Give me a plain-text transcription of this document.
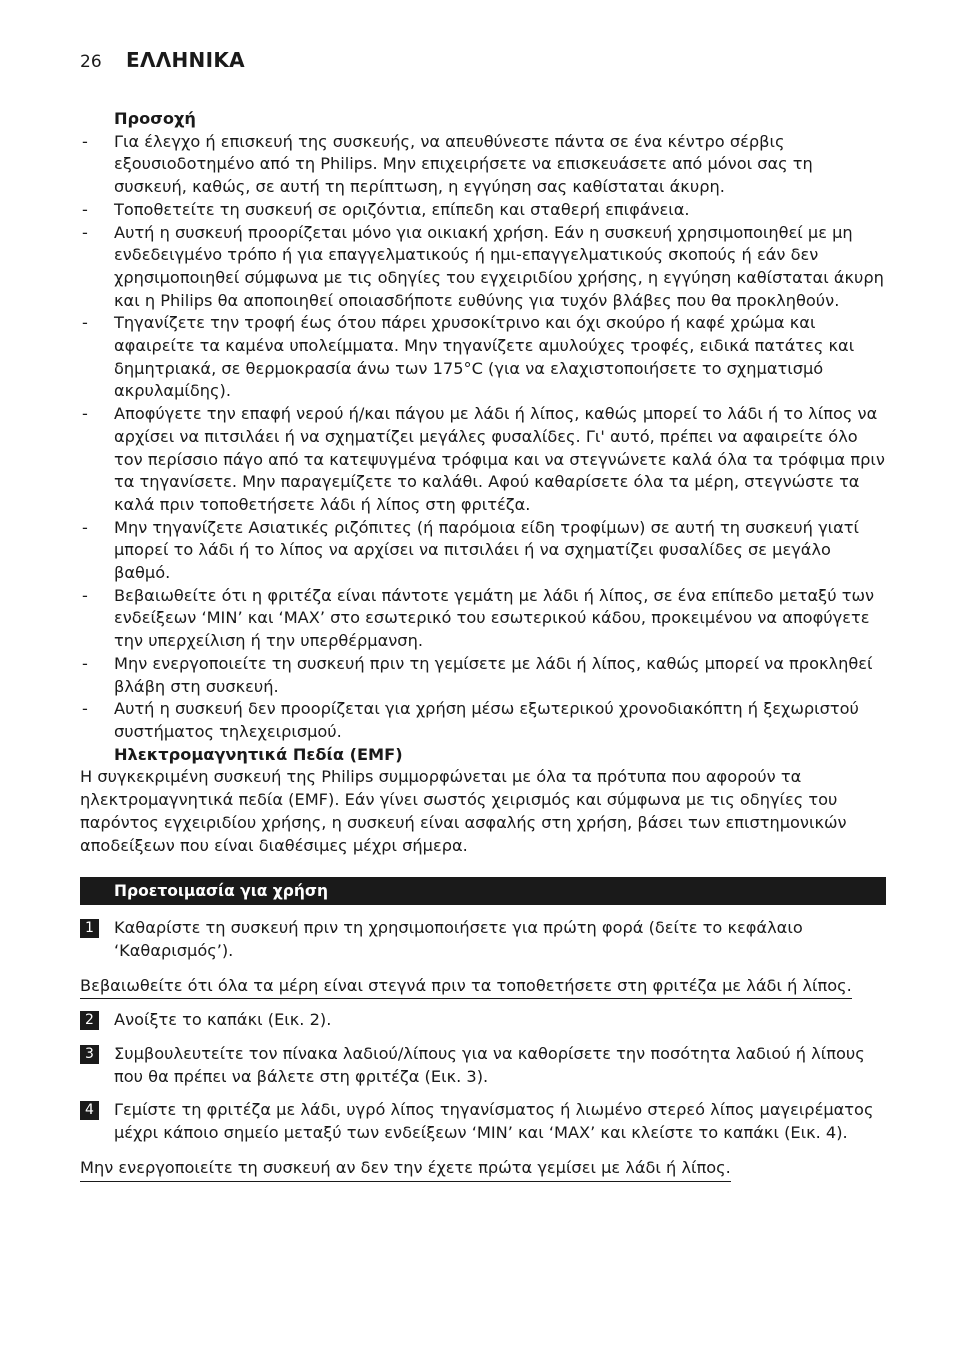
26	ΕΛΛΗΝΙΚΑ
Προσοχή
- Για έλεγχο ή επισκευή της συσκευής, να απευθύνεστε πάντα σε ένα κέντρο σέρβις εξουσιοδοτημένο από τη Philips. Μην επιχειρήσετε να επισκευάσετε από μόνοι σας τη συσκευή, καθώς, σε αυτή τη περίπτωση, η εγγύηση σας καθίσταται άκυρη.
- Τοποθετείτε τη συσκευή σε οριζόντια, επίπεδη και σταθερή επιφάνεια.
- Αυτή η συσκευή προορίζεται μόνο για οικιακή χρήση. Εάν η συσκευή χρησιμοποιηθεί με μη ενδεδειγμένο τρόπο ή για επαγγελματικούς ή ημι-επαγγελματικούς σκοπούς ή εάν δεν χρησιμοποιηθεί σύμφωνα με τις οδηγίες του εγχειριδίου χρήσης, η εγγύηση καθίσταται άκυρη και η Philips θα αποποιηθεί οποιασδήποτε ευθύνης για τυχόν βλάβες που θα προκληθούν.
- Τηγανίζετε την τροφή έως ότου πάρει χρυσοκίτρινο και όχι σκούρο ή καφέ χρώμα και αφαιρείτε τα καμένα υπολείμματα. Μην τηγανίζετε αμυλούχες τροφές, ειδικά πατάτες και δημητριακά, σε θερμοκρασία άνω των 175°C (για να ελαχιστοποιήσετε το σχηματισμό ακρυλαμίδης).
- Αποφύγετε την επαφή νερού ή/και πάγου με λάδι ή λίπος, καθώς μπορεί το λάδι ή το λίπος να αρχίσει να πιτσιλάει ή να σχηματίζει μεγάλες φυσαλίδες. Γι' αυτό, πρέπει να αφαιρείτε όλο τον περίσσιο πάγο από τα κατεψυγμένα τρόφιμα και να στεγνώνετε καλά όλα τα τρόφιμα πριν τα τηγανίσετε. Μην παραγεμίζετε το καλάθι. Αφού καθαρίσετε όλα τα μέρη, στεγνώστε τα καλά πριν τοποθετήσετε λάδι ή λίπος στη φριτέζα.
- Μην τηγανίζετε Ασιατικές ριζόπιτες (ή παρόμοια είδη τροφίμων) σε αυτή τη συσκευή γιατί μπορεί το λάδι ή το λίπος να αρχίσει να πιτσιλάει ή να σχηματίζει φυσαλίδες σε μεγάλο βαθμό.
- Βεβαιωθείτε ότι η φριτέζα είναι πάντοτε γεμάτη με λάδι ή λίπος, σε ένα επίπεδο μεταξύ των ενδείξεων ‘MIN’ και ‘MAX’ στο εσωτερικό του εσωτερικού κάδου, προκειμένου να αποφύγετε την υπερχείλιση ή την υπερθέρμανση.
- Μην ενεργοποιείτε τη συσκευή πριν τη γεμίσετε με λάδι ή λίπος, καθώς μπορεί να προκληθεί βλάβη στη συσκευή.
- Αυτή η συσκευή δεν προορίζεται για χρήση μέσω εξωτερικού χρονοδιακόπτη ή ξεχωριστού συστήματος τηλεχειρισμού.
Ηλεκτρομαγνητικά Πεδία (EMF)
Η συγκεκριμένη συσκευή της Philips συμμορφώνεται με όλα τα πρότυπα που αφορούν τα ηλεκτρομαγνητικά πεδία (EMF). Εάν γίνει σωστός χειρισμός και σύμφωνα με τις οδηγίες του παρόντος εγχειριδίου χρήσης, η συσκευή είναι ασφαλής στη χρήση, βάσει των επιστημονικών αποδείξεων που είναι διαθέσιμες μέχρι σήμερα.
Προετοιμασία για χρήση
1	Καθαρίστε τη συσκευή πριν τη χρησιμοποιήσετε για πρώτη φορά (δείτε το κεφάλαιο ‘Καθαρισμός’).
Βεβαιωθείτε ότι όλα τα μέρη είναι στεγνά πριν τα τοποθετήσετε στη φριτέζα με λάδι ή λίπος.
2	Ανοίξτε το καπάκι (Εικ. 2).
3	Συμβουλευτείτε τον πίνακα λαδιού/λίπους για να καθορίσετε την ποσότητα λαδιού ή λίπους που θα πρέπει να βάλετε στη φριτέζα (Εικ. 3).
4	Γεμίστε τη φριτέζα με λάδι, υγρό λίπος τηγανίσματος ή λιωμένο στερεό λίπος μαγειρέματος μέχρι κάποιο σημείο μεταξύ των ενδείξεων ‘MIN’ και ‘MAX’ και κλείστε το καπάκι (Εικ. 4).
Μην ενεργοποιείτε τη συσκευή αν δεν την έχετε πρώτα γεμίσει με λάδι ή λίπος.
